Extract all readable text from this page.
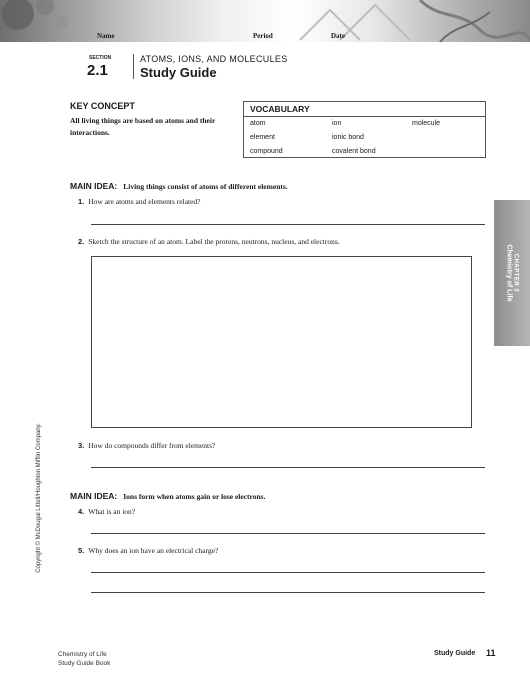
Name	Period	Date
SECTION
2.1
ATOMS, IONS, AND MOLECULES
Study Guide
KEY CONCEPT
All living things are based on atoms and their interactions.
VOCABULARY
atom
element
compound
ion
ionic bond
covalent bond
molecule
MAIN IDEA: Living things consist of atoms of different elements.
1. How are atoms and elements related?
2. Sketch the structure of an atom. Label the protons, neutrons, nucleus, and electrons.
3. How do compounds differ from elements?
MAIN IDEA: Ions form when atoms gain or lose electrons.
4. What is an ion?
5. Why does an ion have an electrical charge?
CHAPTER 2
Chemistry of Life
Copyright © McDougal Littell/Houghton Mifflin Company.
Chemistry of Life
Study Guide Book
Study Guide 11
